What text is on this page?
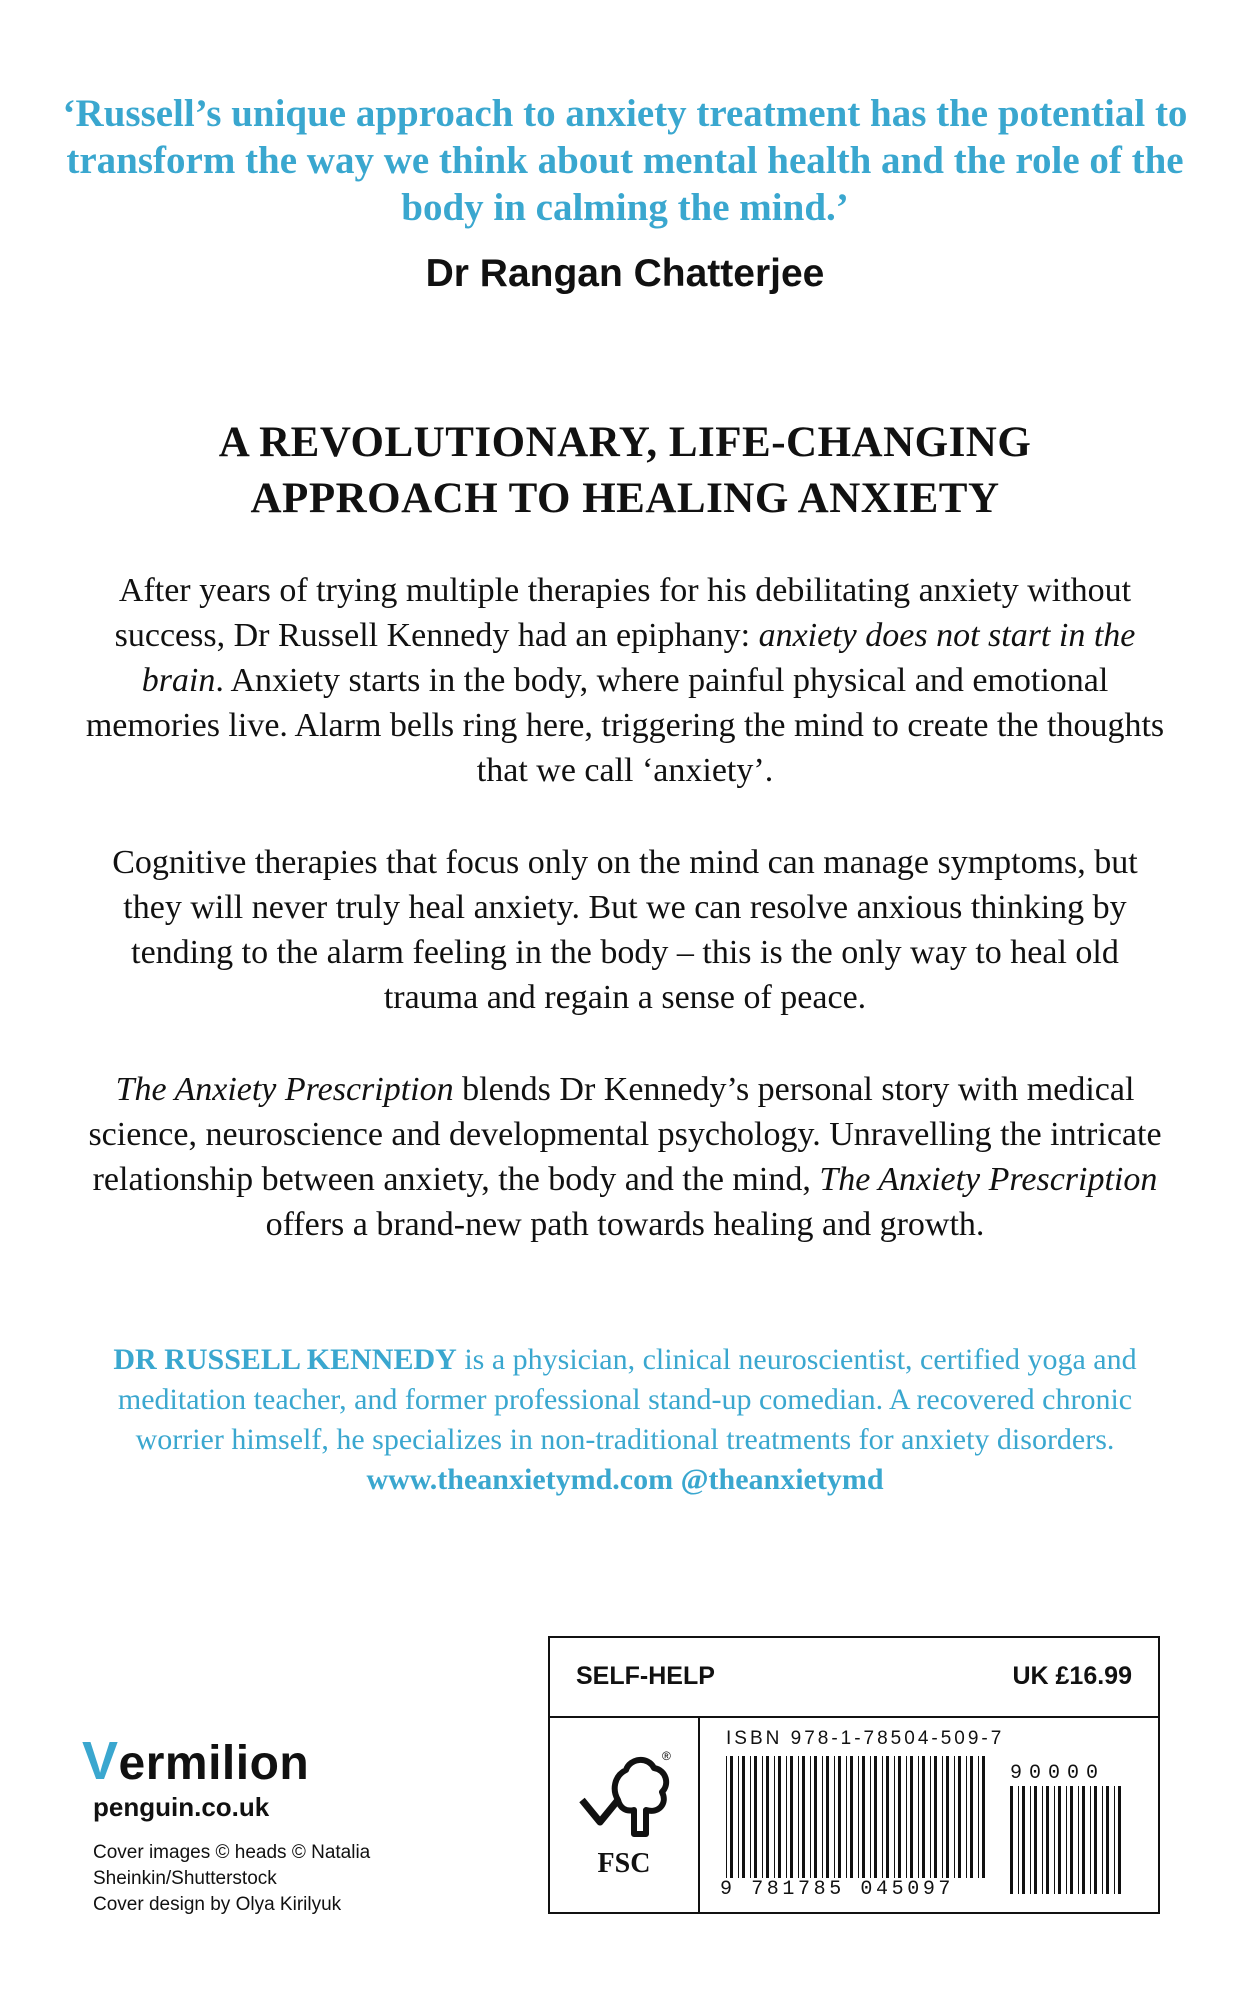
‘Russell’s unique approach to anxiety treatment has the potential to transform the way we think about mental health and the role of the body in calming the mind.’
Dr Rangan Chatterjee
A REVOLUTIONARY, LIFE-CHANGING
APPROACH TO HEALING ANXIETY
After years of trying multiple therapies for his debilitating anxiety without success, Dr Russell Kennedy had an epiphany: anxiety does not start in the brain. Anxiety starts in the body, where painful physical and emotional memories live. Alarm bells ring here, triggering the mind to create the thoughts that we call ‘anxiety’.
Cognitive therapies that focus only on the mind can manage symptoms, but they will never truly heal anxiety. But we can resolve anxious thinking by tending to the alarm feeling in the body – this is the only way to heal old trauma and regain a sense of peace.
The Anxiety Prescription blends Dr Kennedy’s personal story with medical science, neuroscience and developmental psychology. Unravelling the intricate relationship between anxiety, the body and the mind, The Anxiety Prescription offers a brand-new path towards healing and growth.
DR RUSSELL KENNEDY is a physician, clinical neuroscientist, certified yoga and meditation teacher, and former professional stand-up comedian. A recovered chronic worrier himself, he specializes in non-traditional treatments for anxiety disorders.
www.theanxietymd.com @theanxietymd
Vermilion
penguin.co.uk
Cover images © heads © Natalia Sheinkin/Shutterstock
Cover design by Olya Kirilyuk
SELF-HELP	UK £16.99
®
FSC
ISBN 978-1-78504-509-7
9 781785 045097
90000
